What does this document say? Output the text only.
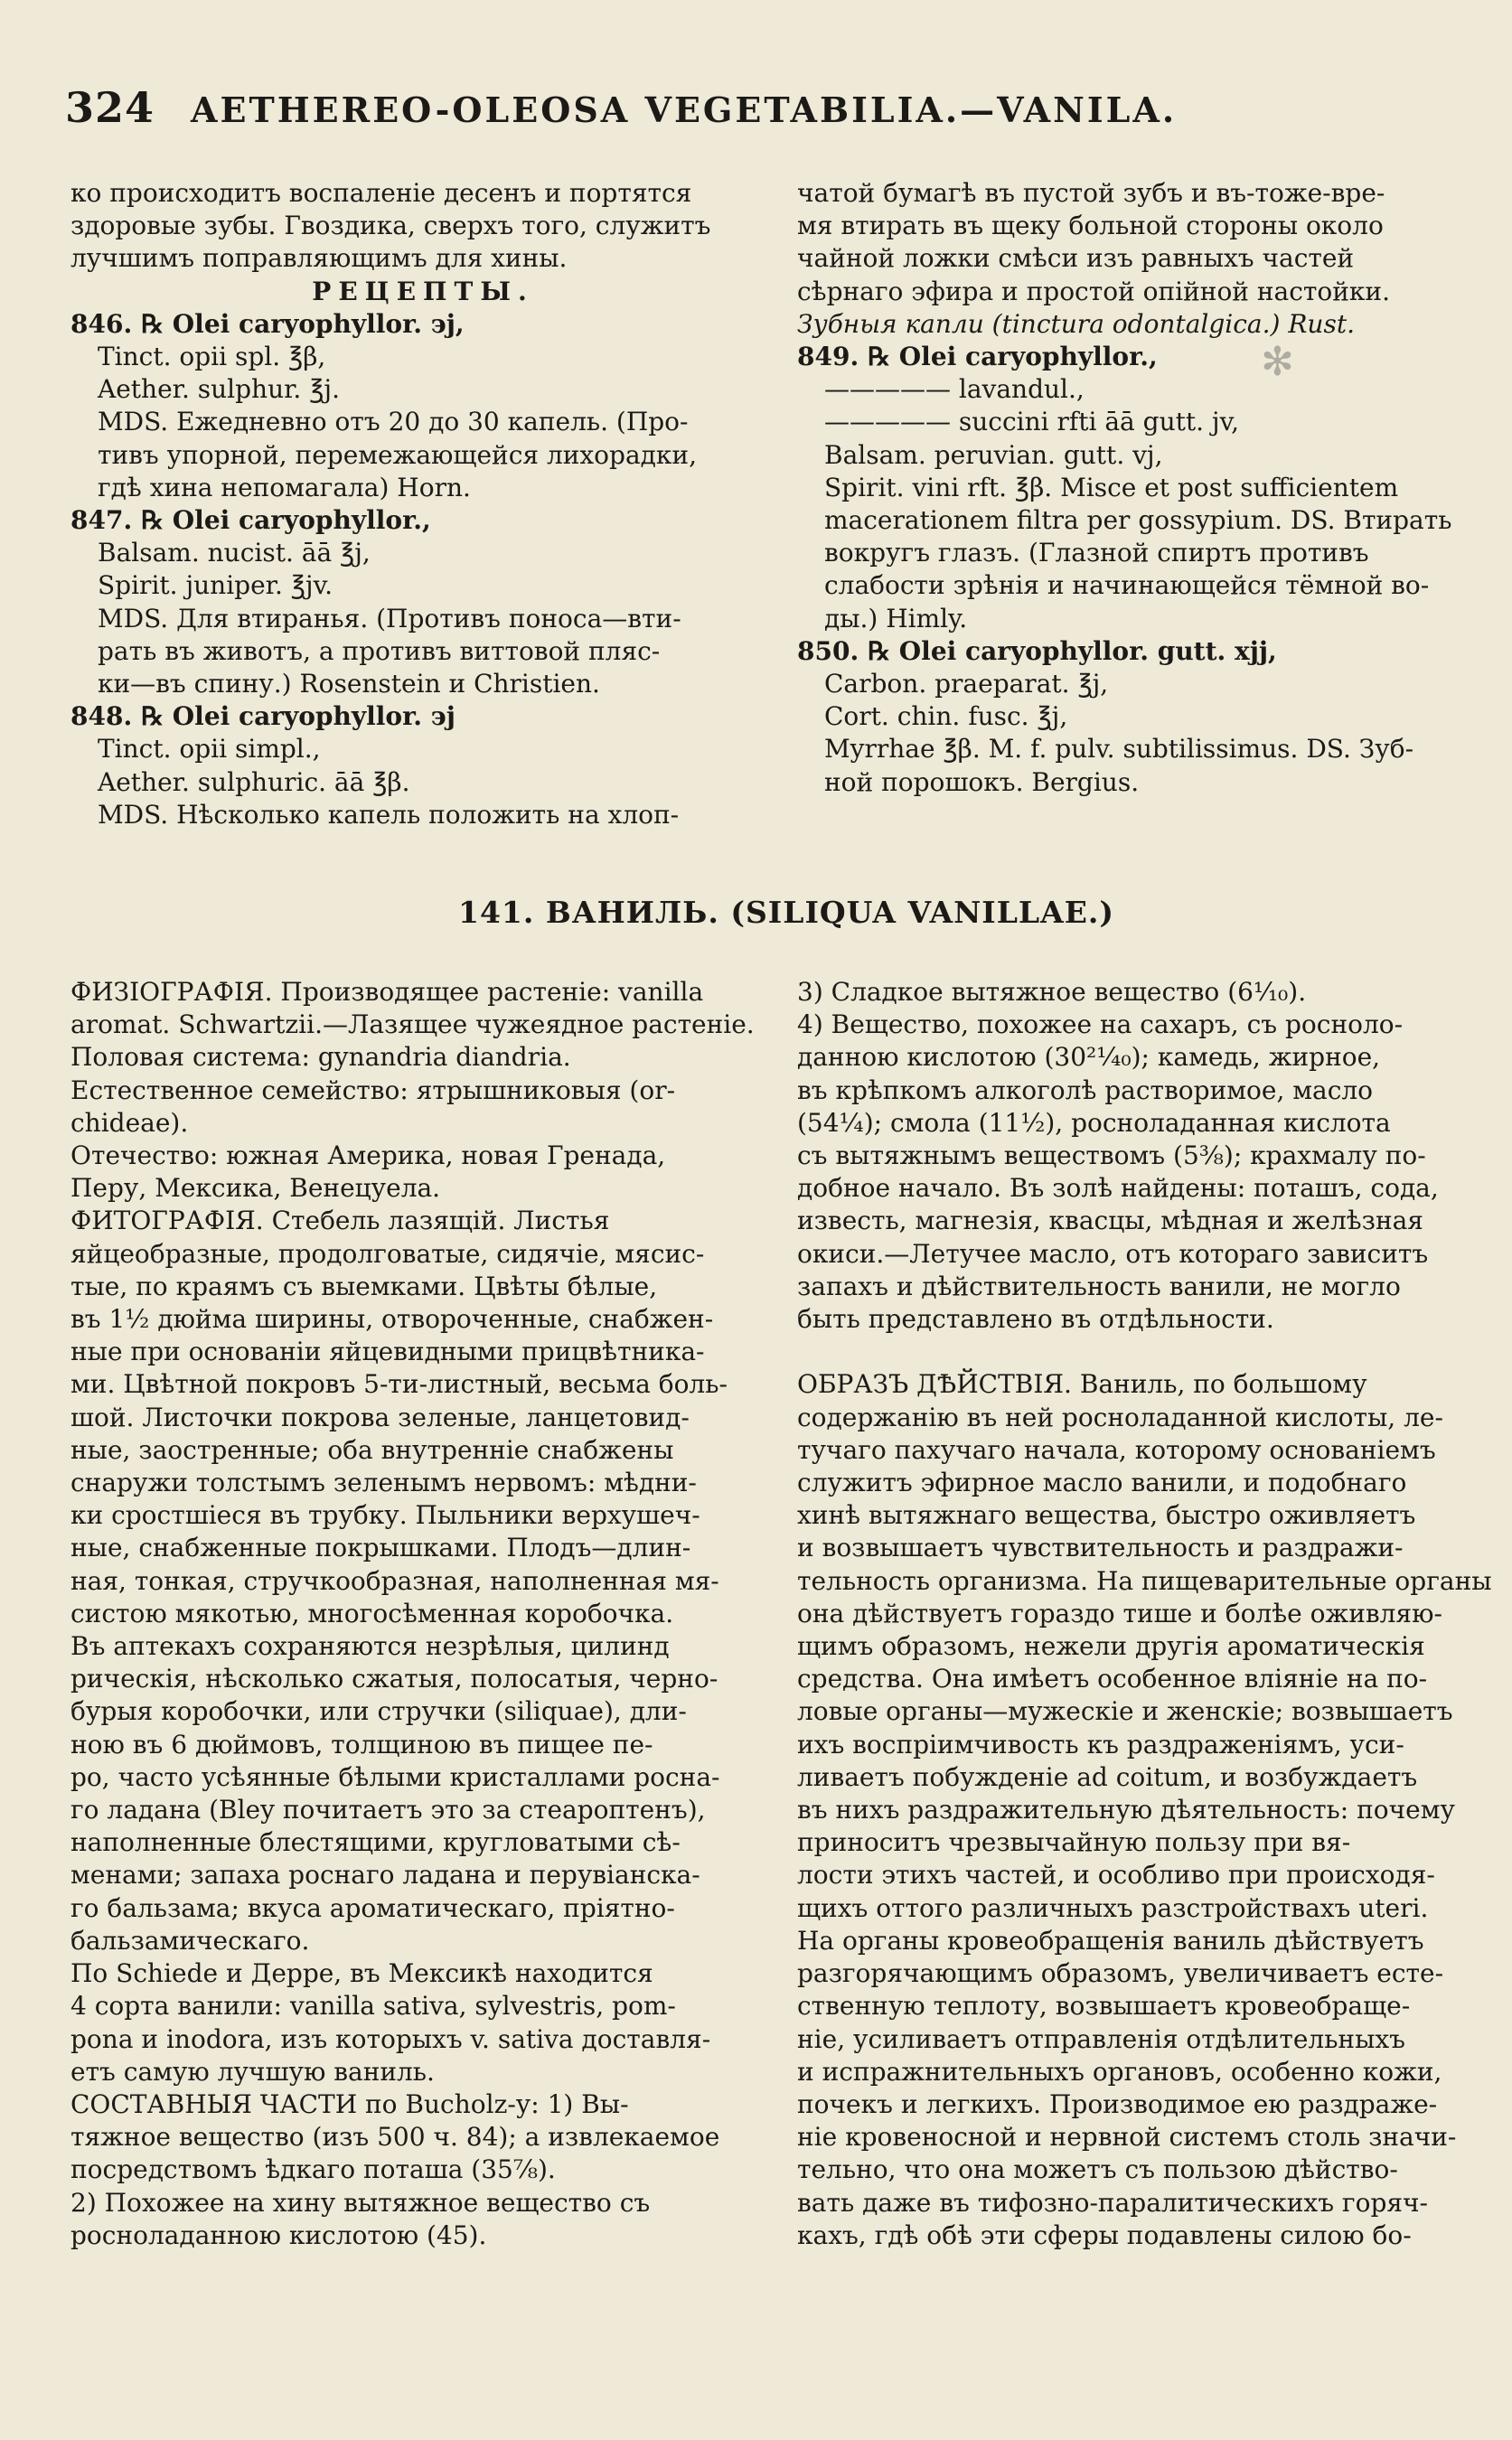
324 AETHEREO-OLEOSA VEGETABILIA.—VANILA.
✻

ко происходитъ воспаленіе десенъ и портятся

здоровые зубы. Гвоздика, сверхъ того, служитъ

лучшимъ поправляющимъ для хины.

РЕЦЕПТЫ.

846. ℞ Olei caryophyllor. ϶j,

Tinct. opii spl. ℥β,

Aether. sulphur. ℥j.

MDS. Ежедневно отъ 20 до 30 капель. (Про-

тивъ упорной, перемежающейся лихорадки,

гдѣ хина непомагала) Horn.

847. ℞ Olei caryophyllor.,

Balsam. nucist. āā ℥j,

Spirit. juniper. ℥jv.

MDS. Для втиранья. (Противъ поноса—вти-

рать въ животъ, а противъ виттовой пляс-

ки—въ спину.) Rosenstein и Christien.

848. ℞ Olei caryophyllor. ϶j

Tinct. opii simpl.,

Aether. sulphuric. āā ℥β.

MDS. Нѣсколько капель положить на хлоп-

чатой бумагѣ въ пустой зубъ и въ-тоже-вре-

мя втирать въ щеку больной стороны около

чайной ложки смѣси изъ равныхъ частей

сѣрнаго эфира и простой опійной настойки.

Зубныя капли (tinctura odontalgica.) Rust.

849. ℞ Olei caryophyllor.,

————— lavandul.,

————— succini rfti āā gutt. jv,

Balsam. peruvian. gutt. vj,

Spirit. vini rft. ℥β. Misce et post sufficientem

macerationem filtra per gossypium. DS. Втирать

вокругъ глазъ. (Глазной спиртъ противъ

слабости зрѣнія и начинающейся тёмной во-

ды.) Himly.

850. ℞ Olei caryophyllor. gutt. xjj,

Carbon. praeparat. ℥j,

Cort. chin. fusc. ℥j,

Myrrhae ℥β. M. f. pulv. subtilissimus. DS. Зуб-

ной порошокъ. Bergius.

141. ВАНИЛЬ. (SILIQUA VANILLAE.)

ФИЗІОГРАФІЯ. Производящее растеніе: vanilla

aromat. Schwartzii.—Лазящее чужеядное растеніе.

Половая система: gynandria diandria.

Естественное семейство: ятрышниковыя (or-

chideae).

Отечество: южная Америка, новая Гренада,

Перу, Мексика, Венецуела.

ФИТОГРАФІЯ. Стебель лазящій. Листья

яйцеобразные, продолговатые, сидячіе, мясис-

тые, по краямъ съ выемками. Цвѣты бѣлые,

въ 1½ дюйма ширины, отвороченные, снабжен-

ные при основаніи яйцевидными прицвѣтника-

ми. Цвѣтной покровъ 5-ти-листный, весьма боль-

шой. Листочки покрова зеленые, ланцетовид-

ные, заостренные; оба внутренніе снабжены

снаружи толстымъ зеленымъ нервомъ: мѣдни-

ки сростшіеся въ трубку. Пыльники верхушеч-

ные, снабженные покрышками. Плодъ—длин-

ная, тонкая, стручкообразная, наполненная мя-

систою мякотью, многосѣменная коробочка.

Въ аптекахъ сохраняются незрѣлыя, цилинд

рическія, нѣсколько сжатыя, полосатыя, черно-

бурыя коробочки, или стручки (siliquae), дли-

ною въ 6 дюймовъ, толщиною въ пищее пе-

ро, часто усѣянные бѣлыми кристаллами росна-

го ладана (Bley почитаетъ это за стеароптенъ),

наполненные блестящими, кругловатыми сѣ-

менами; запаха роснаго ладана и перувіанска-

го бальзама; вкуса ароматическаго, пріятно-

бальзамическаго.

По Schiede и Дерре, въ Мексикѣ находится

4 сорта ванили: vanilla sativa, sylvestris, pom-

pona и inodora, изъ которыхъ v. sativa доставля-

етъ самую лучшую ваниль.

СОСТАВНЫЯ ЧАСТИ по Bucholz-у: 1) Вы-

тяжное вещество (изъ 500 ч. 84); а извлекаемое

посредствомъ ѣдкаго поташа (35⅞).

2) Похожее на хину вытяжное вещество съ

росноладанною кислотою (45).

3) Сладкое вытяжное вещество (6⅟₁₀).

4) Вещество, похожее на сахаръ, съ росноло-

данною кислотою (30²¹⁄₄₀); камедь, жирное,

въ крѣпкомъ алкоголѣ растворимое, масло

(54¼); смола (11½), росноладанная кислота

съ вытяжнымъ веществомъ (5⅜); крахмалу по-

добное начало. Въ золѣ найдены: поташъ, сода,

известь, магнезія, квасцы, мѣдная и желѣзная

окиси.—Летучее масло, отъ котораго зависитъ

запахъ и дѣйствительность ванили, не могло

быть представлено въ отдѣльности.

ОБРАЗЪ ДѢЙСТВІЯ. Ваниль, по большому

содержанію въ ней росноладанной кислоты, ле-

тучаго пахучаго начала, которому основаніемъ

служитъ эфирное масло ванили, и подобнаго

хинѣ вытяжнаго вещества, быстро оживляетъ

и возвышаетъ чувствительность и раздражи-

тельность организма. На пищеварительные органы

она дѣйствуетъ гораздо тише и болѣе оживляю-

щимъ образомъ, нежели другія ароматическія

средства. Она имѣетъ особенное вліяніе на по-

ловые органы—мужескіе и женскіе; возвышаетъ

ихъ воспріимчивость къ раздраженіямъ, уси-

ливаетъ побужденіе ad coitum, и возбуждаетъ

въ нихъ раздражительную дѣятельность: почему

приноситъ чрезвычайную пользу при вя-

лости этихъ частей, и особливо при происходя-

щихъ оттого различныхъ разстройствахъ uteri.

На органы кровеобращенія ваниль дѣйствуетъ

разгорячающимъ образомъ, увеличиваетъ есте-

ственную теплоту, возвышаетъ кровеобраще-

ніе, усиливаетъ отправленія отдѣлительныхъ

и испражнительныхъ органовъ, особенно кожи,

почекъ и легкихъ. Производимое ею раздраже-

ніе кровеносной и нервной системъ столь значи-

тельно, что она можетъ съ пользою дѣйство-

вать даже въ тифозно-паралитическихъ горяч-

кахъ, гдѣ обѣ эти сферы подавлены силою бо-
